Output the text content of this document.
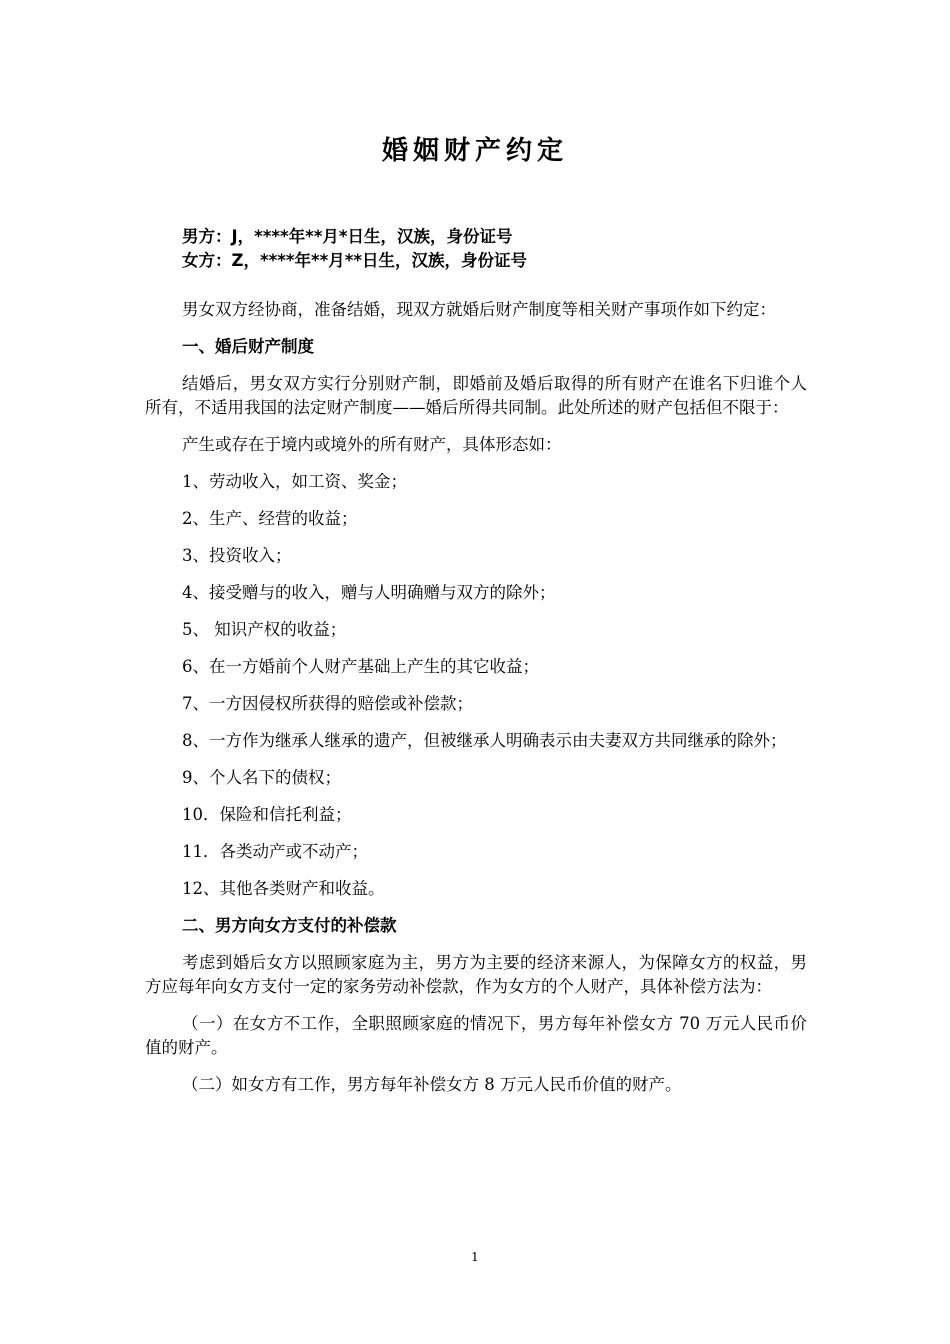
婚姻财产约定
男方：J，****年**月*日生，汉族，身份证号
女方：Z，****年**月**日生，汉族，身份证号

男女双方经协商，准备结婚，现双方就婚后财产制度等相关财产事项作如下约定：

一、婚后财产制度

结婚后，男女双方实行分别财产制，即婚前及婚后取得的所有财产在谁名下归谁个人所有，不适用我国的法定财产制度——婚后所得共同制。此处所述的财产包括但不限于：

产生或存在于境内或境外的所有财产，具体形态如：

1、劳动收入，如工资、奖金；

2、生产、经营的收益；

3、投资收入；

4、接受赠与的收入，赠与人明确赠与双方的除外；

5、 知识产权的收益；

6、在一方婚前个人财产基础上产生的其它收益；

7、一方因侵权所获得的赔偿或补偿款；

8、一方作为继承人继承的遗产，但被继承人明确表示由夫妻双方共同继承的除外；

9、个人名下的债权；

10．保险和信托利益；

11．各类动产或不动产；

12、其他各类财产和收益。

二、男方向女方支付的补偿款

考虑到婚后女方以照顾家庭为主，男方为主要的经济来源人，为保障女方的权益，男方应每年向女方支付一定的家务劳动补偿款，作为女方的个人财产，具体补偿方法为：

（一）在女方不工作，全职照顾家庭的情况下，男方每年补偿女方 70 万元人民币价值的财产。

（二）如女方有工作，男方每年补偿女方 8 万元人民币价值的财产。

1
